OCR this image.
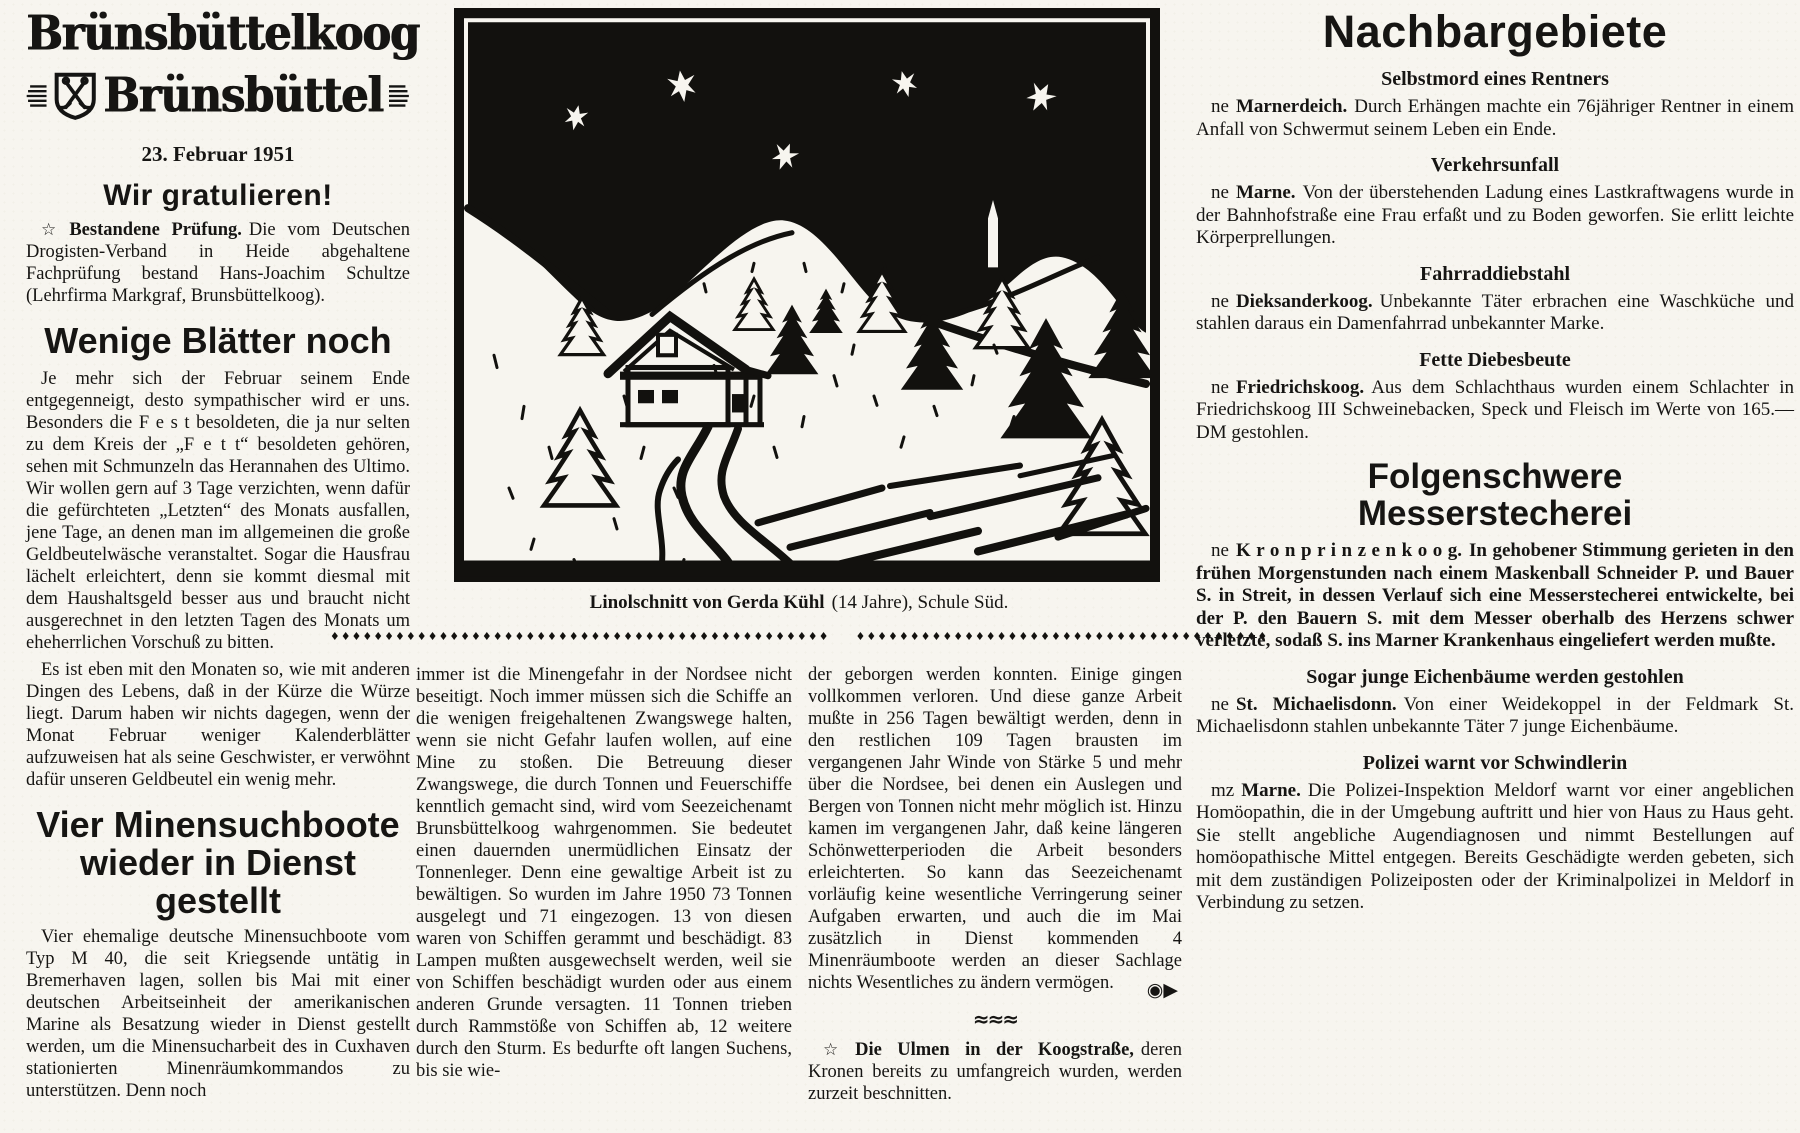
Brünsbüttelkoog
Brünsbüttel
23. Februar 1951
Wir gratulieren!

☆ Bestandene Prüfung. Die vom Deutschen Drogisten-Verband in Heide abgehaltene Fachprüfung bestand Hans-Joachim Schultze (Lehrfirma Markgraf, Brunsbüttelkoog).

Wenige Blätter noch

Je mehr sich der Februar seinem Ende entgegenneigt, desto sympathischer wird er uns. Besonders die F e s t besoldeten, die ja nur selten zu dem Kreis der „F e t t“ besoldeten gehören, sehen mit Schmunzeln das Herannahen des Ultimo. Wir wollen gern auf 3 Tage verzichten, wenn dafür die gefürchteten „Letzten“ des Monats ausfallen, jene Tage, an denen man im allgemeinen die große Geldbeutelwäsche veranstaltet. Sogar die Hausfrau lächelt erleichtert, denn sie kommt diesmal mit dem Haushaltsgeld besser aus und braucht nicht ausgerechnet in den letzten Tagen des Monats um eheherrlichen Vorschuß zu bitten.

Es ist eben mit den Monaten so, wie mit anderen Dingen des Lebens, daß in der Kürze die Würze liegt. Darum haben wir nichts dagegen, wenn der Monat Februar weniger Kalenderblätter aufzuweisen hat als seine Geschwister, er verwöhnt dafür unseren Geldbeutel ein wenig mehr.

Vier Minensuchboote
wieder in Dienst gestellt

Vier ehemalige deutsche Minensuchboote vom Typ M 40, die seit Kriegsende untätig in Bremerhaven lagen, sollen bis Mai mit einer deutschen Arbeitseinheit der amerikanischen Marine als Besatzung wieder in Dienst gestellt werden, um die Minensucharbeit des in Cuxhaven stationierten Minenräumkommandos zu unterstützen. Denn noch

Linolschnitt von Gerda Kühl (14 Jahre), Schule Süd.
♦♦♦♦♦♦♦♦♦♦♦♦♦♦♦♦♦♦♦♦♦♦♦♦♦♦♦♦♦♦♦♦♦♦♦♦♦♦♦♦♦♦♦♦♦♦ ♦♦♦♦♦♦♦♦♦♦♦♦♦♦♦♦♦♦♦♦♦♦♦♦♦♦♦♦♦♦♦♦♦♦♦♦♦♦

immer ist die Minengefahr in der Nordsee nicht beseitigt. Noch immer müssen sich die Schiffe an die wenigen freigehaltenen Zwangswege halten, wenn sie nicht Gefahr laufen wollen, auf eine Mine zu stoßen. Die Betreuung dieser Zwangswege, die durch Tonnen und Feuerschiffe kenntlich gemacht sind, wird vom Seezeichenamt Brunsbüttelkoog wahrgenommen. Sie bedeutet einen dauernden unermüdlichen Einsatz der Tonnenleger. Denn eine gewaltige Arbeit ist zu bewältigen. So wurden im Jahre 1950 73 Tonnen ausgelegt und 71 eingezogen. 13 von diesen waren von Schiffen gerammt und beschädigt. 83 Lampen mußten ausgewechselt werden, weil sie von Schiffen beschädigt wurden oder aus einem anderen Grunde versagten. 11 Tonnen trieben durch Rammstöße von Schiffen ab, 12 weitere durch den Sturm. Es bedurfte oft langen Suchens, bis sie wie-

der geborgen werden konnten. Einige gingen vollkommen verloren. Und diese ganze Arbeit mußte in 256 Tagen bewältigt werden, denn in den restlichen 109 Tagen brausten im vergangenen Jahr Winde von Stärke 5 und mehr über die Nordsee, bei denen ein Auslegen und Bergen von Tonnen nicht mehr möglich ist. Hinzu kamen im vergangenen Jahr, daß keine längeren Schönwetterperioden die Arbeit besonders erleichterten. So kann das Seezeichenamt vorläufig keine wesentliche Verringerung seiner Aufgaben erwarten, und auch die im Mai zusätzlich in Dienst kommenden 4 Minenräumboote werden an dieser Sachlage nichts Wesentliches zu ändern vermögen.	◉▶
≈≈≈

☆ Die Ulmen in der Koogstraße, deren Kronen bereits zu umfangreich wurden, werden zurzeit beschnitten.

Nachbargebiete
Selbstmord eines Rentners

ne Marnerdeich. Durch Erhängen machte ein 76jähriger Rentner in einem Anfall von Schwermut seinem Leben ein Ende.

Verkehrsunfall

ne Marne. Von der überstehenden Ladung eines Lastkraftwagens wurde in der Bahnhofstraße eine Frau erfaßt und zu Boden geworfen. Sie erlitt leichte Körperprellungen.

Fahrraddiebstahl

ne Dieksanderkoog. Unbekannte Täter erbrachen eine Waschküche und stahlen daraus ein Damenfahrrad unbekannter Marke.

Fette Diebesbeute

ne Friedrichskoog. Aus dem Schlachthaus wurden einem Schlachter in Friedrichskoog III Schweinebacken, Speck und Fleisch im Werte von 165.— DM gestohlen.

Folgenschwere
Messerstecherei

ne K r o n p r i n z e n k o o g. In gehobener Stimmung gerieten in den frühen Morgenstunden nach einem Maskenball Schneider P. und Bauer S. in Streit, in dessen Verlauf sich eine Messerstecherei entwickelte, bei der P. den Bauern S. mit dem Messer oberhalb des Herzens schwer verletzte, sodaß S. ins Marner Krankenhaus eingeliefert werden mußte.

Sogar junge Eichenbäume werden gestohlen

ne St. Michaelisdonn. Von einer Weidekoppel in der Feldmark St. Michaelisdonn stahlen unbekannte Täter 7 junge Eichenbäume.

Polizei warnt vor Schwindlerin

mz Marne. Die Polizei-Inspektion Meldorf warnt vor einer angeblichen Homöopathin, die in der Umgebung auftritt und hier von Haus zu Haus geht. Sie stellt angebliche Augendiagnosen und nimmt Bestellungen auf homöopathische Mittel entgegen. Bereits Geschädigte werden gebeten, sich mit dem zuständigen Polizeiposten oder der Kriminalpolizei in Meldorf in Verbindung zu setzen.
